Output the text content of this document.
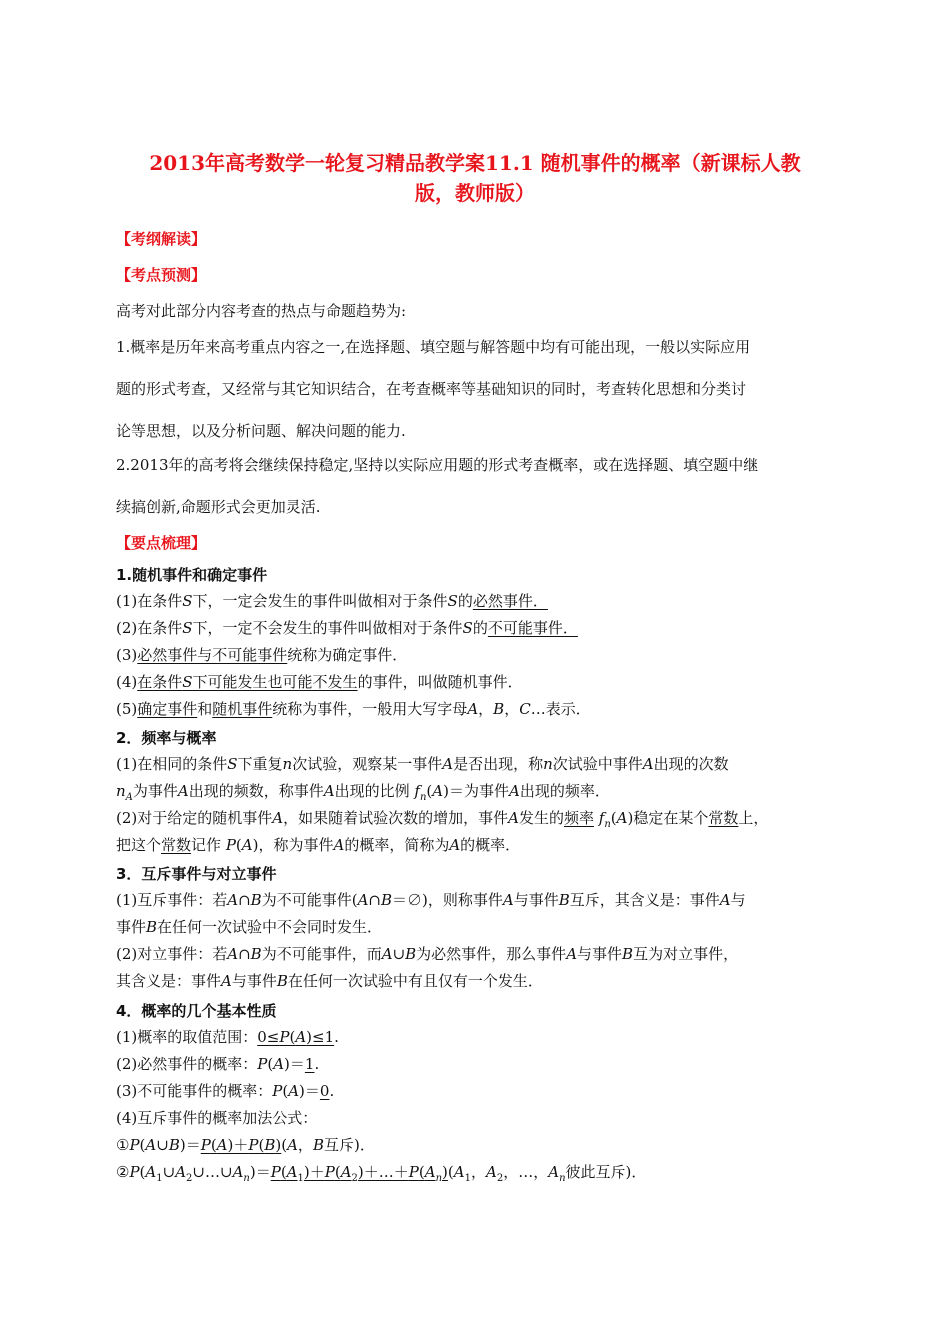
2013年高考数学一轮复习精品教学案11.1 随机事件的概率（新课标人教
版，教师版）
【考纲解读】
【考点预测】
高考对此部分内容考查的热点与命题趋势为:
1.概率是历年来高考重点内容之一,在选择题、填空题与解答题中均有可能出现，一般以实际应用
题的形式考查，又经常与其它知识结合，在考查概率等基础知识的同时，考查转化思想和分类讨
论等思想，以及分析问题、解决问题的能力.
2.2013年的高考将会继续保持稳定,坚持以实际应用题的形式考查概率，或在选择题、填空题中继
续搞创新,命题形式会更加灵活.
【要点梳理】
1.随机事件和确定事件
(1)在条件S下，一定会发生的事件叫做相对于条件S的必然事件．
(2)在条件S下，一定不会发生的事件叫做相对于条件S的不可能事件．
(3)必然事件与不可能事件统称为确定事件．
(4)在条件S下可能发生也可能不发生的事件，叫做随机事件．
(5)确定事件和随机事件统称为事件，一般用大写字母A，B，C…表示．
2．频率与概率
(1)在相同的条件S下重复n次试验，观察某一事件A是否出现，称n次试验中事件A出现的次数
$n_A$为事件A出现的频数，称事件A出现的比例 $f_n(A)=$为事件A出现的频率．
(2)对于给定的随机事件A，如果随着试验次数的增加，事件A发生的频率 $f_n(A)$稳定在某个常数上，
把这个常数记作 P(A)，称为事件A的概率，简称为A的概率．
3．互斥事件与对立事件
(1)互斥事件：若A∩B为不可能事件(A∩B＝∅)，则称事件A与事件B互斥，其含义是：事件A与
事件B在任何一次试验中不会同时发生．
(2)对立事件：若A∩B为不可能事件，而A∪B为必然事件，那么事件A与事件B互为对立事件，
其含义是：事件A与事件B在任何一次试验中有且仅有一个发生．
4．概率的几个基本性质
(1)概率的取值范围：0≤P(A)≤1.
(2)必然事件的概率：P(A)＝1.
(3)不可能事件的概率：P(A)＝0.
(4)互斥事件的概率加法公式：
①P(A∪B)＝P(A)＋P(B)(A，B互斥)．
$②P(A_1\cup A_2\cup\dots\cup A_n)=P(A_1)+P(A_2)+\dots+P(A_n)(A_1$，$A_2$，…，$A_n$彼此互斥)．
